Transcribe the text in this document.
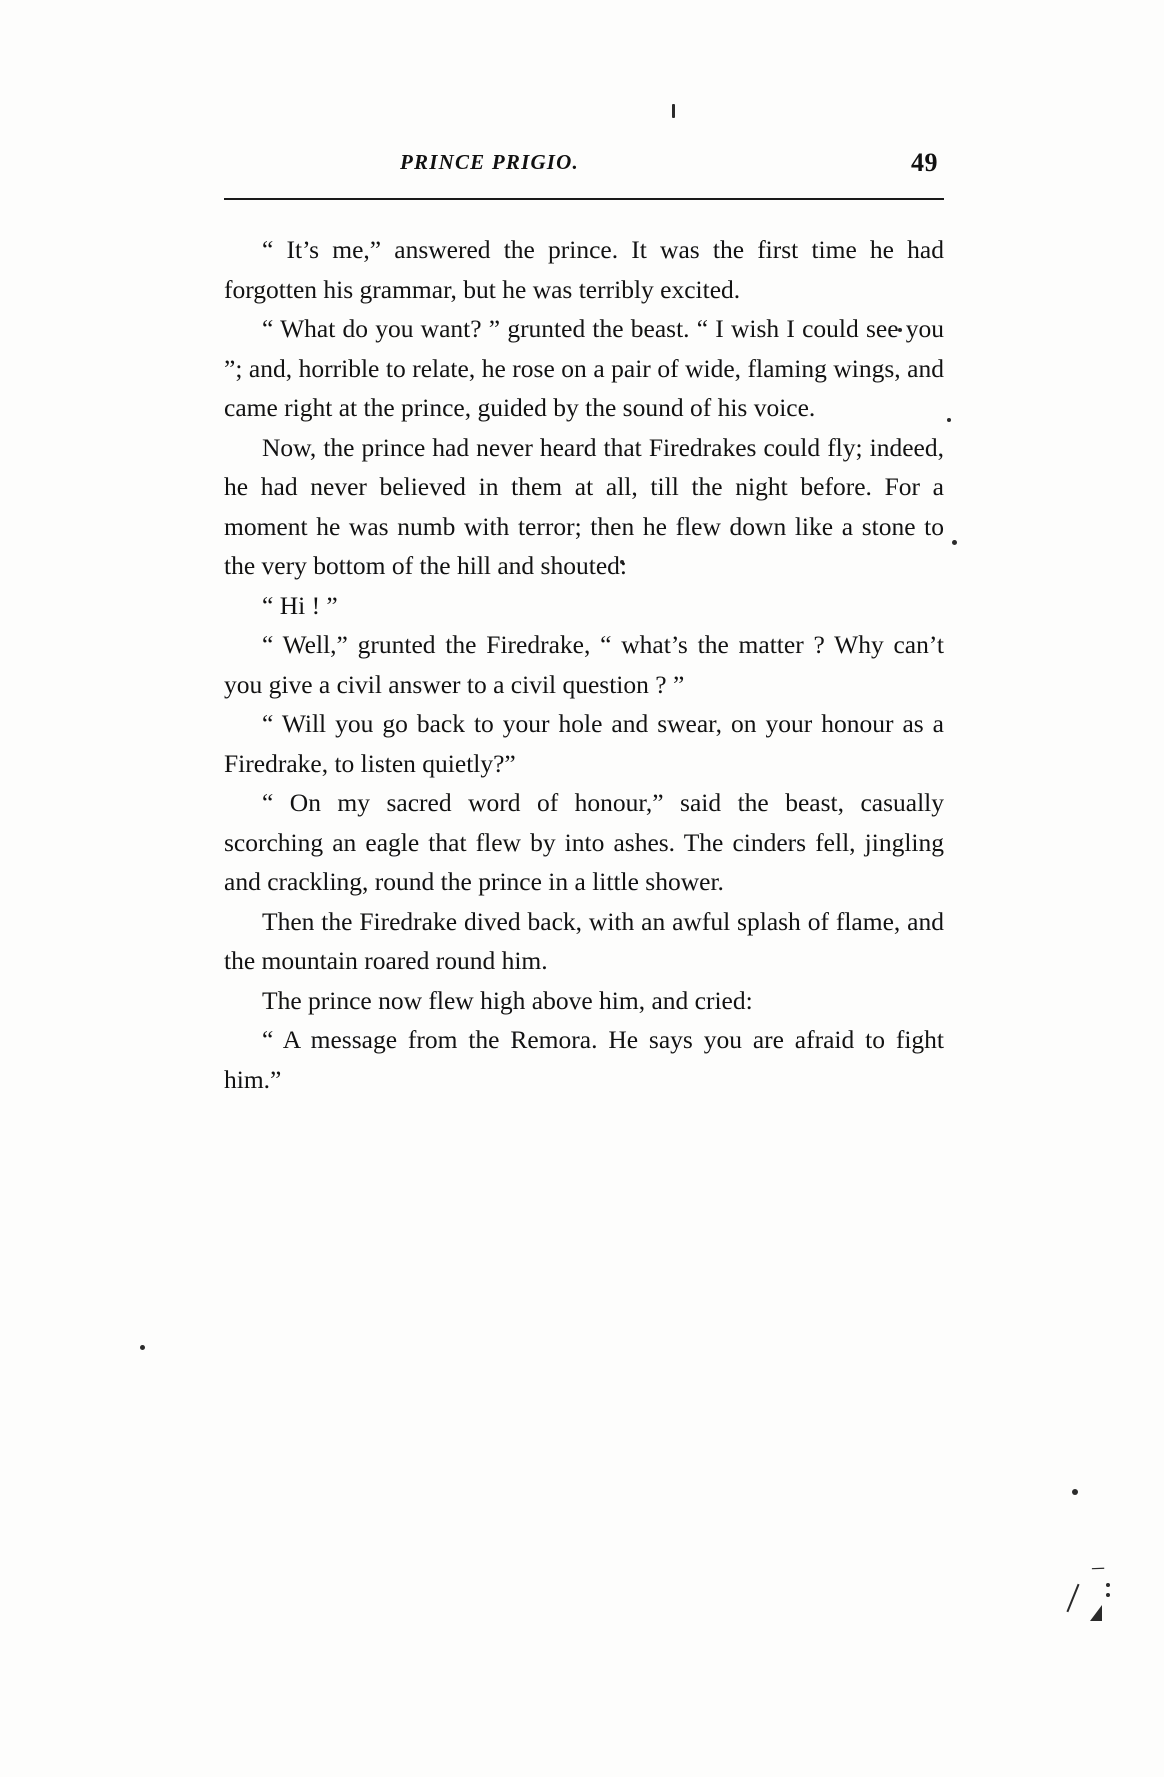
PRINCE PRIGIO.	49

“ It’s me,” answered the prince. It was the first time he had forgotten his grammar, but he was terribly excited.

“ What do you want? ” grunted the beast. “ I wish I could see you ”; and, horrible to relate, he rose on a pair of wide, flaming wings, and came right at the prince, guided by the sound of his voice.

Now, the prince had never heard that Firedrakes could fly; indeed, he had never believed in them at all, till the night before. For a moment he was numb with terror; then he flew down like a stone to the very bottom of the hill and shouted:

“ Hi ! ”

“ Well,” grunted the Firedrake, “ what’s the matter ? Why can’t you give a civil answer to a civil question ? ”

“ Will you go back to your hole and swear, on your honour as a Firedrake, to listen quietly?”

“ On my sacred word of honour,” said the beast, casually scorching an eagle that flew by into ashes. The cinders fell, jingling and crackling, round the prince in a little shower.

Then the Firedrake dived back, with an awful splash of flame, and the mountain roared round him.

The prince now flew high above him, and cried:

“ A message from the Remora. He says you are afraid to fight him.”

–
